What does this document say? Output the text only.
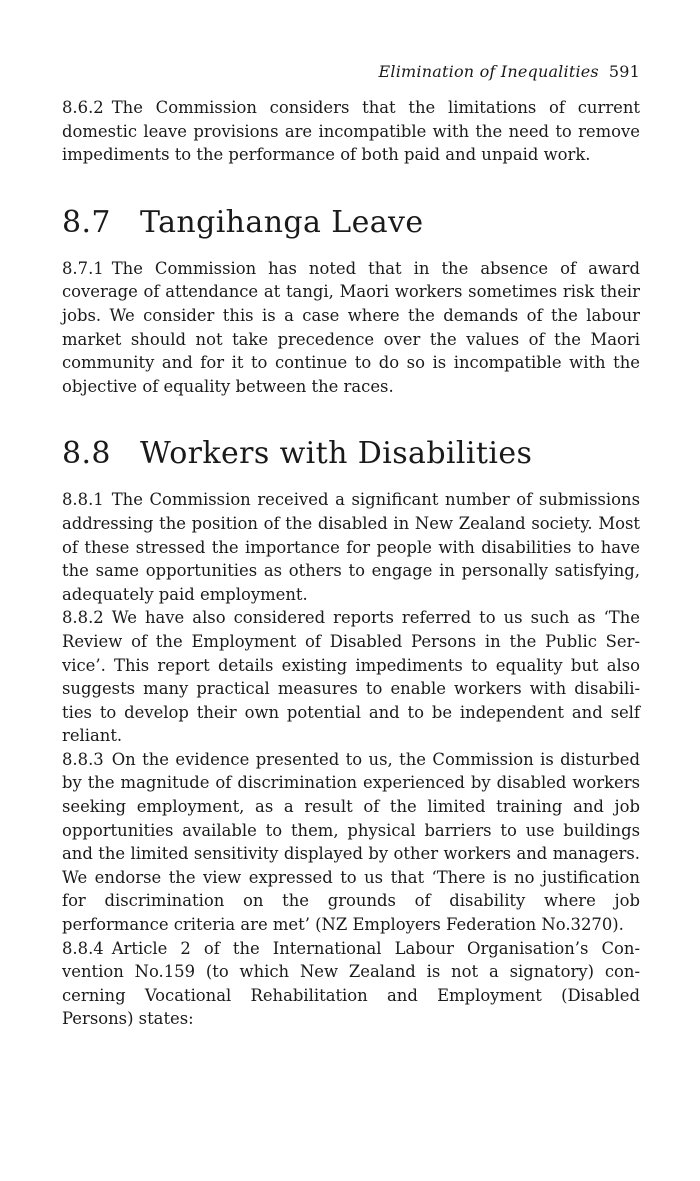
Elimination of Inequalities 591

8.6.2 The Commission considers that the limitations of current domestic leave provisions are incompatible with the need to remove impediments to the performance of both paid and unpaid work.

8.7 Tangihanga Leave

8.7.1 The Commission has noted that in the absence of award coverage of attendance at tangi, Maori workers sometimes risk their jobs. We consider this is a case where the demands of the labour market should not take precedence over the values of the Maori community and for it to continue to do so is incompatible with the objective of equality between the races.

8.8 Workers with Disabilities

8.8.1 The Commission received a significant number of submissions addressing the position of the disabled in New Zealand society. Most of these stressed the importance for people with disabilities to have the same opportunities as others to engage in personally satisfying, adequately paid employment.

8.8.2 We have also considered reports referred to us such as ‘The Review of the Employment of Disabled Persons in the Public Service’. This report details existing impediments to equality but also suggests many practical measures to enable workers with disabilities to develop their own potential and to be independent and self reliant.

8.8.3 On the evidence presented to us, the Commission is disturbed by the magnitude of discrimination experienced by disabled workers seeking employment, as a result of the limited training and job opportunities available to them, physical barriers to use buildings and the limited sensitivity displayed by other workers and managers. We endorse the view expressed to us that ‘There is no justification for discrimination on the grounds of disability where job performance criteria are met’ (NZ Employers Federation No.3270).

8.8.4 Article 2 of the International Labour Organisation’s Convention No.159 (to which New Zealand is not a signatory) concerning Vocational Rehabilitation and Employment (Disabled Persons) states:
